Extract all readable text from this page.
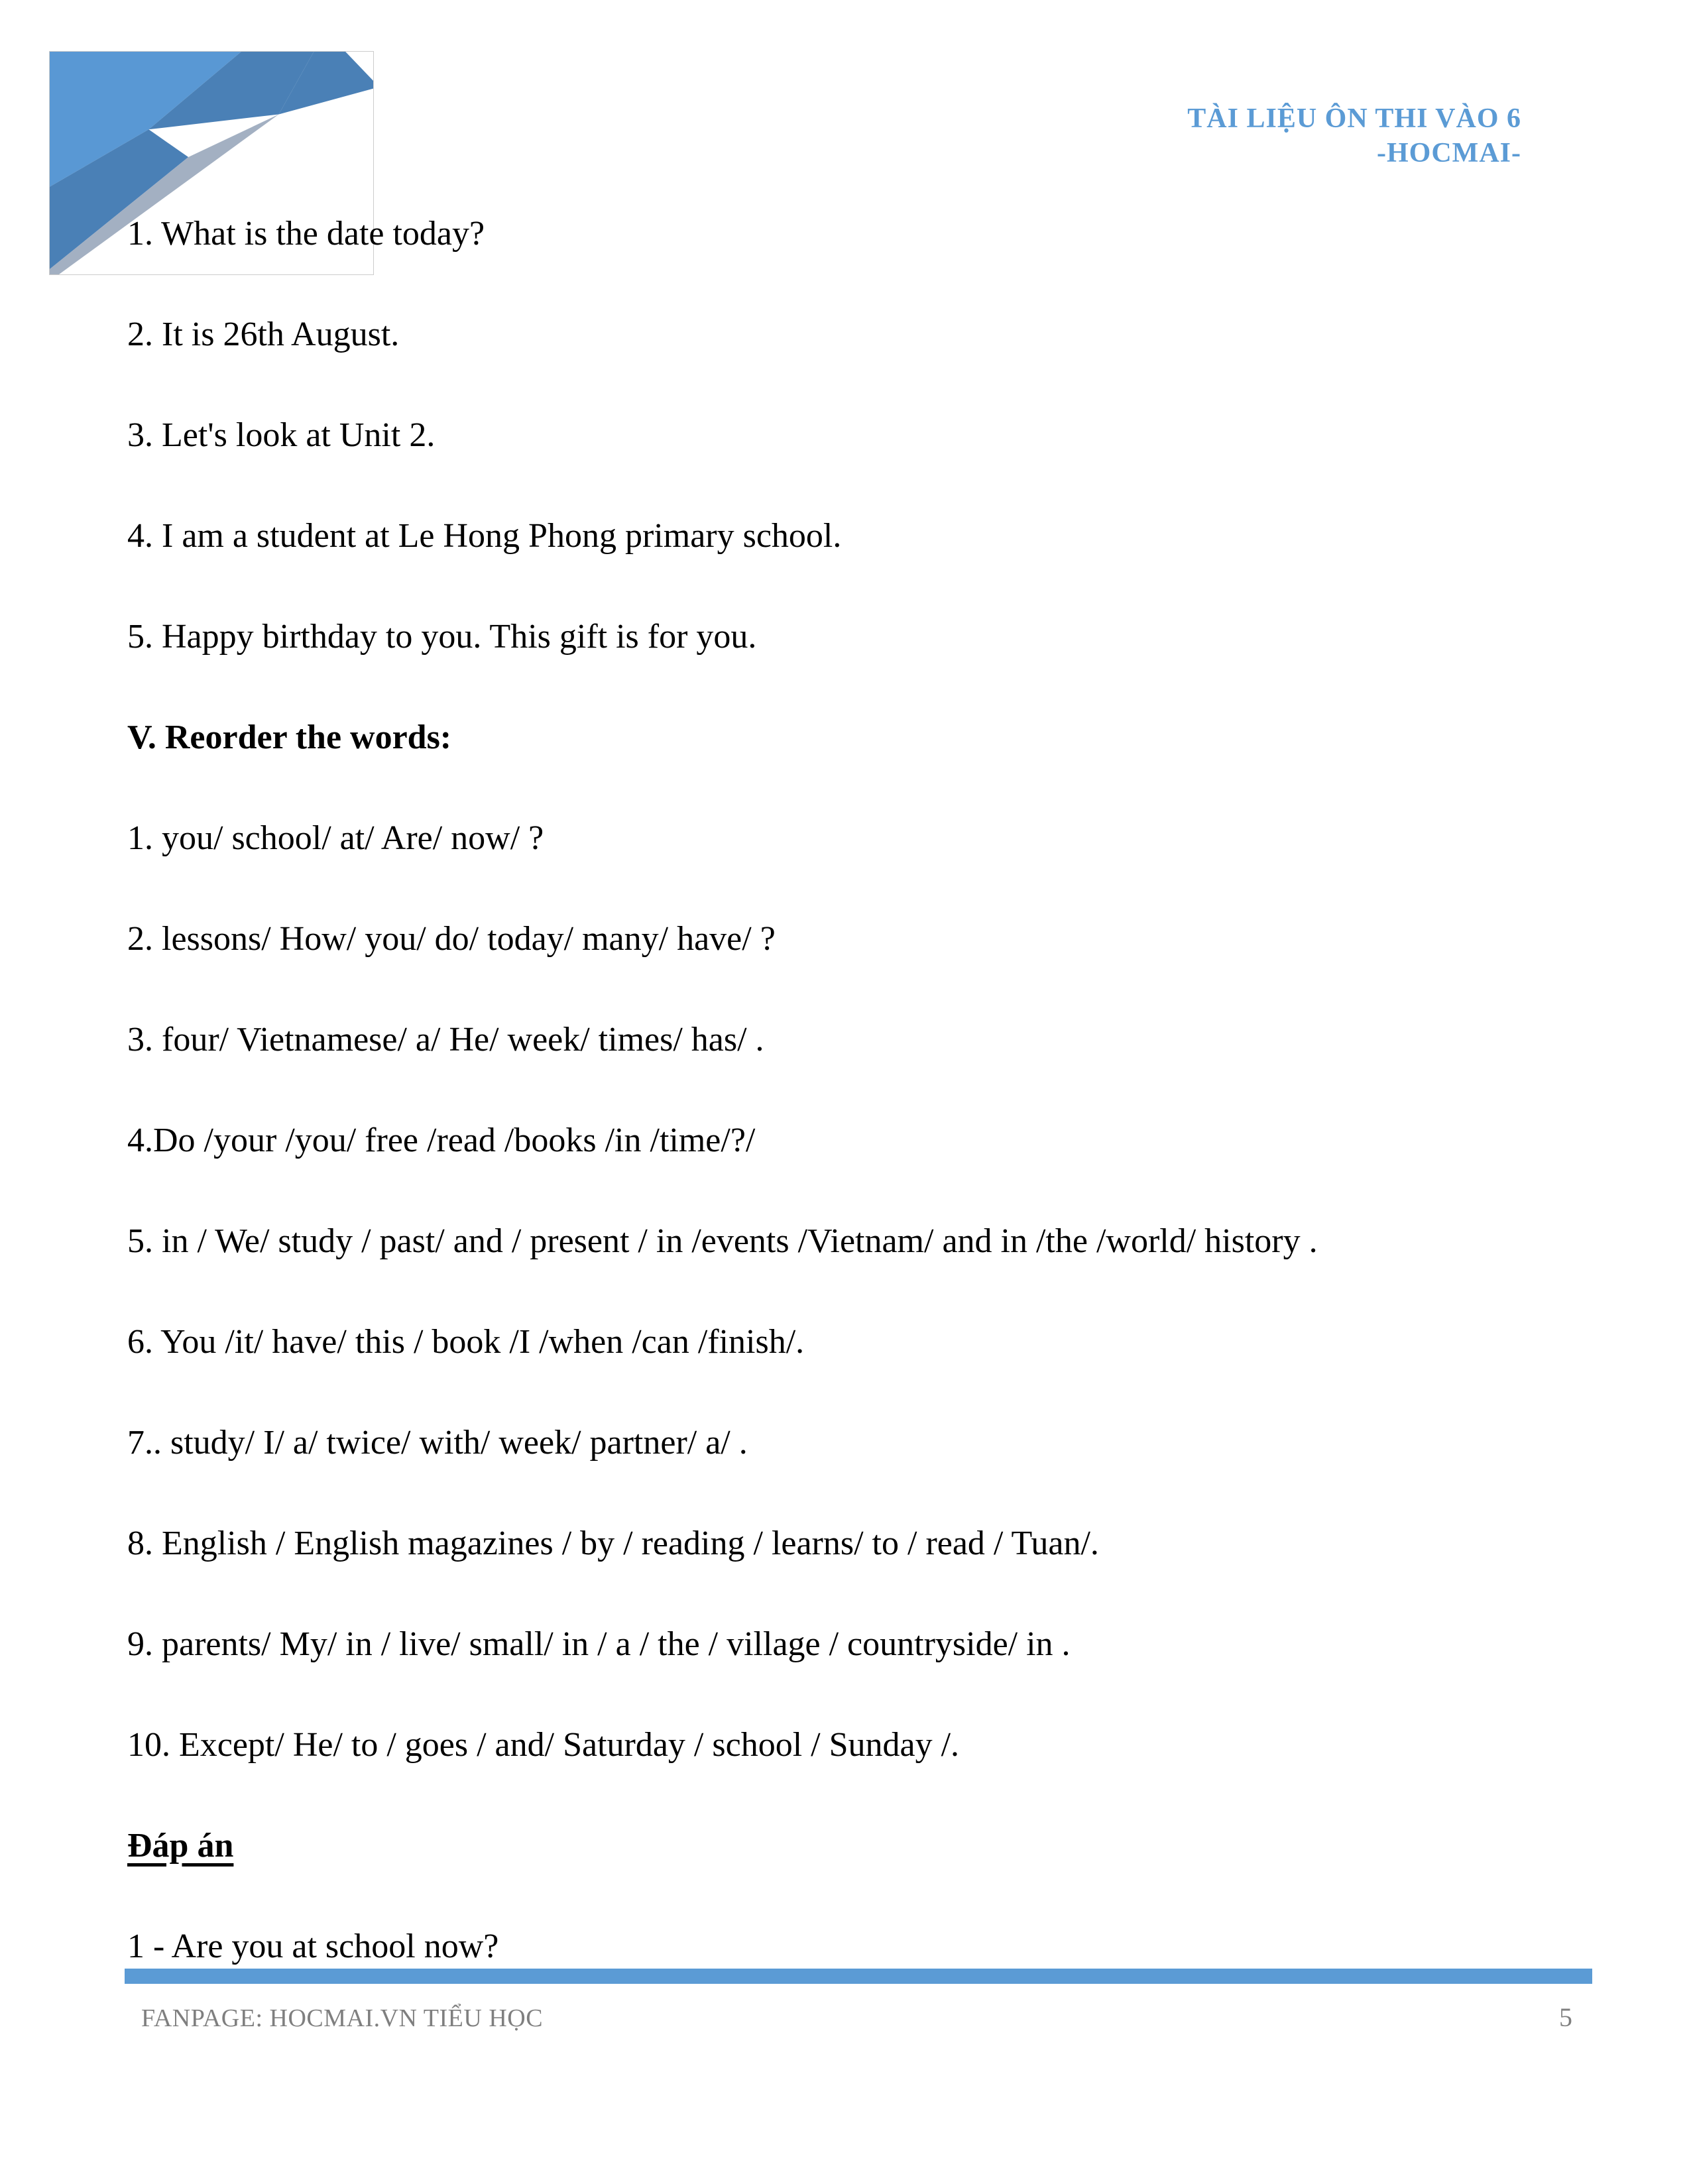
TÀI LIỆU ÔN THI VÀO 6
-HOCMAI-
1. What is the date today?
2. It is 26th August.
3. Let's look at Unit 2.
4. I am a student at Le Hong Phong primary school.
5. Happy birthday to you. This gift is for you.
V. Reorder the words:
1. you/ school/ at/ Are/ now/ ?
2. lessons/ How/ you/ do/ today/ many/ have/ ?
3. four/ Vietnamese/ a/ He/ week/ times/ has/ .
4.Do /your /you/ free /read /books /in /time/?/
5. in / We/ study / past/ and / present / in /events /Vietnam/ and in /the /world/ history .
6. You /it/ have/ this / book /I /when /can /finish/.
7.. study/ I/ a/ twice/ with/ week/ partner/ a/ .
8. English / English magazines / by / reading / learns/ to / read / Tuan/.
9. parents/ My/ in / live/ small/ in / a / the / village / countryside/ in .
10. Except/ He/ to / goes / and/ Saturday / school / Sunday /.
Đáp án
1 - Are you at school now?
FANPAGE: HOCMAI.VN TIỂU HỌC	5
